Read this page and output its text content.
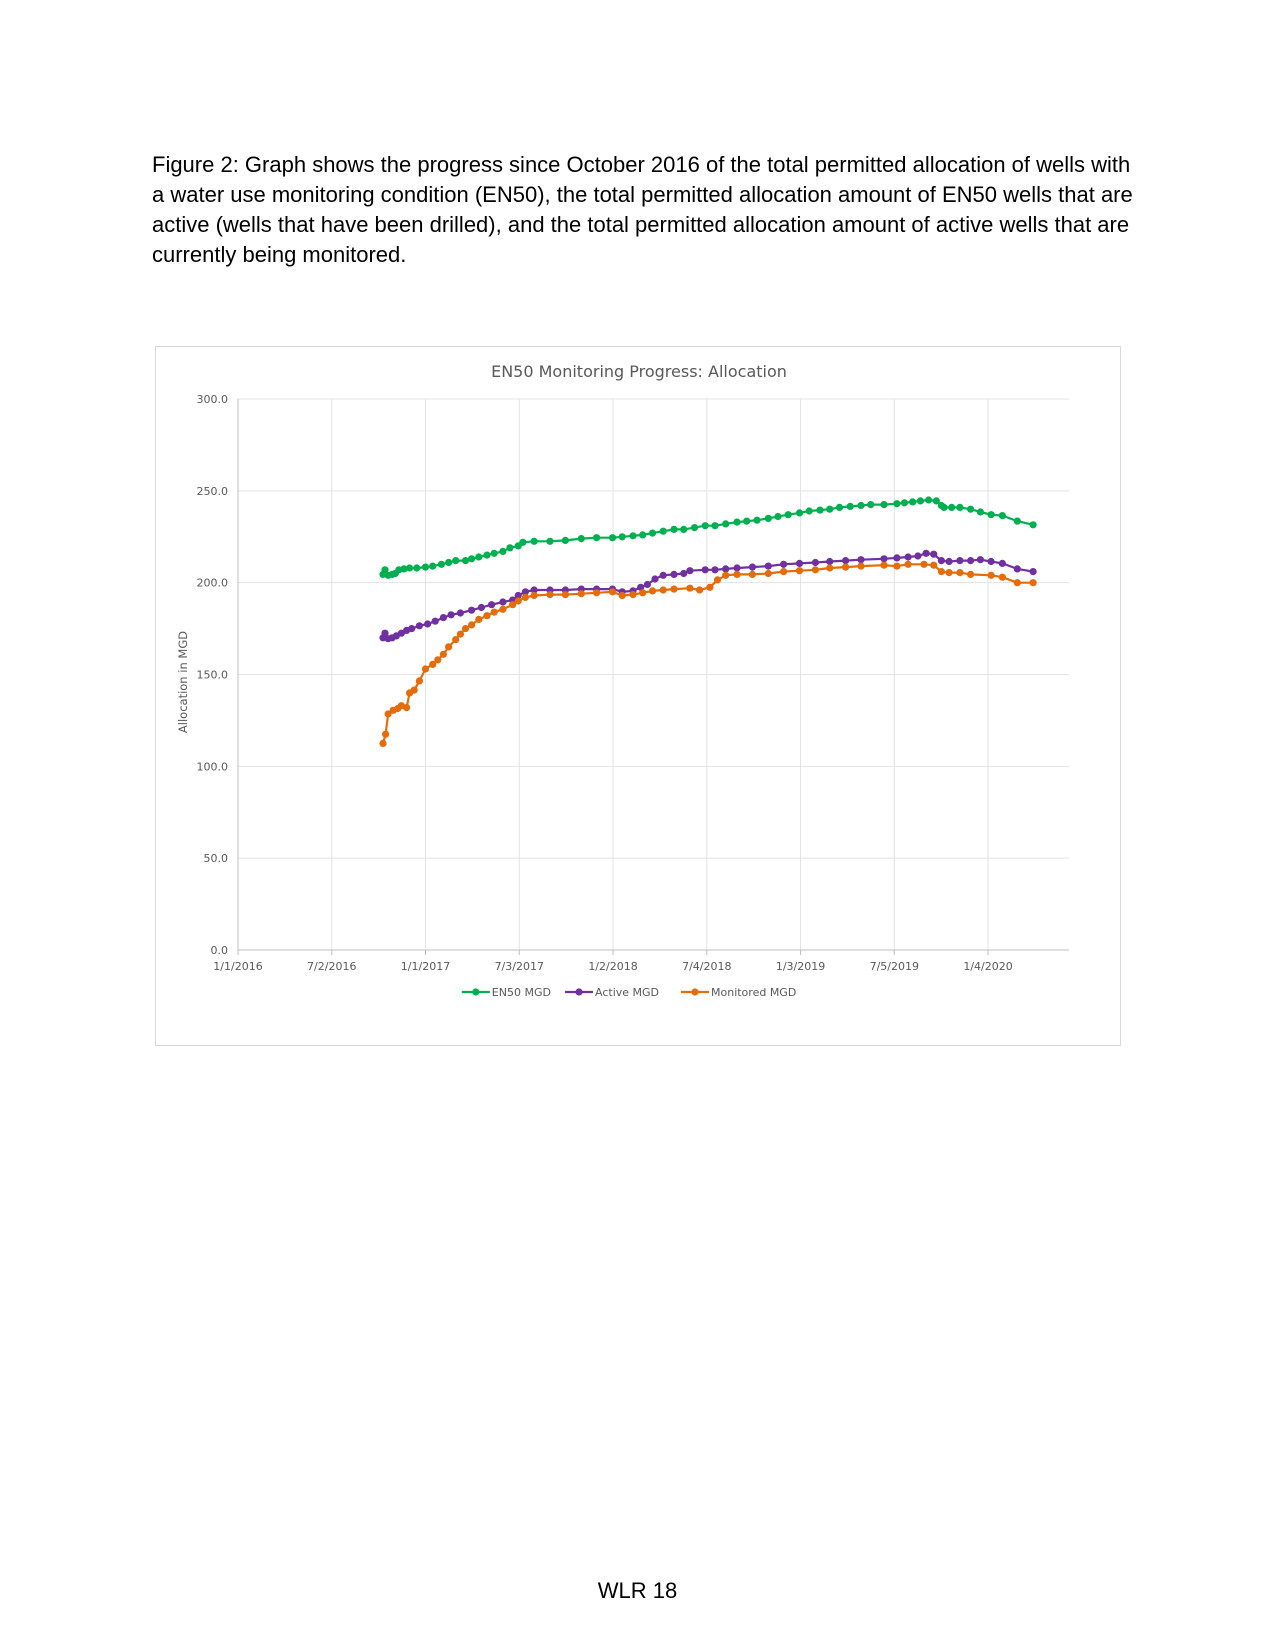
Figure 2: Graph shows the progress since October 2016 of the total permitted allocation of wells with a water use monitoring condition (EN50), the total permitted allocation amount of EN50 wells that are active (wells that have been drilled), and the total permitted allocation amount of active wells that are currently being monitored.

EN50 Monitoring Progress: Allocation
0.0
50.0
100.0
150.0
200.0
250.0
300.0
1/1/2016	7/2/2016	1/1/2017	7/3/2017	1/2/2018	7/4/2018	1/3/2019	7/5/2019	1/4/2020
EN50 MGD	Active MGD	Monitored MGD
Allocation in MGD
WLR 18
